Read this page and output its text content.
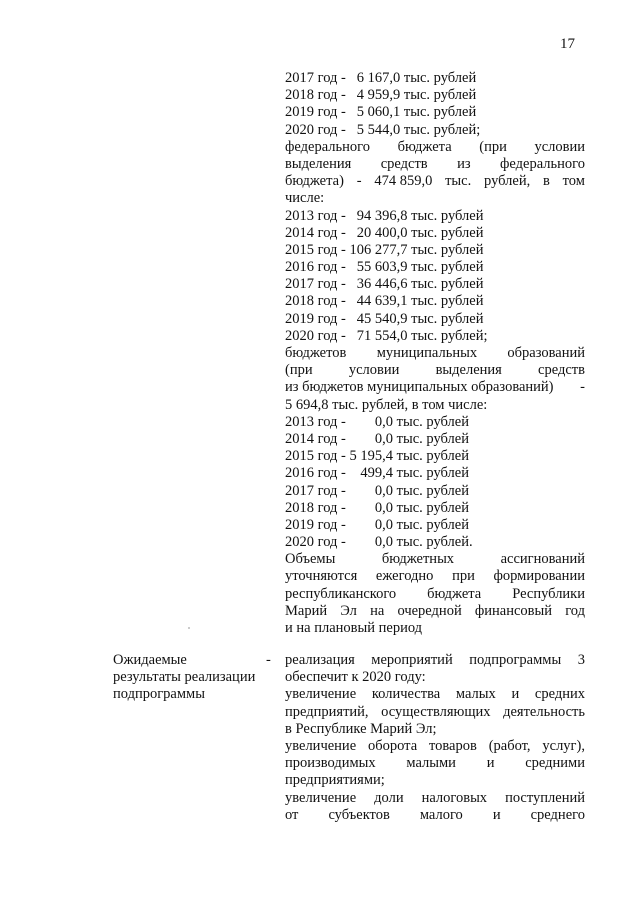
17
2017 год -   6 167,0 тыс. рублей
2018 год -   4 959,9 тыс. рублей
2019 год -   5 060,1 тыс. рублей
2020 год -   5 544,0 тыс. рублей;
федерального бюджета (при условии
выделения средств из федерального
бюджета) - 474 859,0 тыс. рублей, в том
числе:
2013 год -   94 396,8 тыс. рублей
2014 год -   20 400,0 тыс. рублей
2015 год - 106 277,7 тыс. рублей
2016 год -   55 603,9 тыс. рублей
2017 год -   36 446,6 тыс. рублей
2018 год -   44 639,1 тыс. рублей
2019 год -   45 540,9 тыс. рублей
2020 год -   71 554,0 тыс. рублей;
бюджетов муниципальных образований
(при условии выделения средств
из бюджетов муниципальных образований) -
5 694,8 тыс. рублей, в том числе:
2013 год -        0,0 тыс. рублей
2014 год -        0,0 тыс. рублей
2015 год - 5 195,4 тыс. рублей
2016 год -    499,4 тыс. рублей
2017 год -        0,0 тыс. рублей
2018 год -        0,0 тыс. рублей
2019 год -        0,0 тыс. рублей
2020 год -        0,0 тыс. рублей.
Объемы	бюджетных	ассигнований
уточняются ежегодно при формировании
республиканского бюджета Республики
Марий Эл на очередной финансовый год
и на плановый период
Ожидаемые
результаты реализации
подпрограммы
- реализация мероприятий подпрограммы 3
обеспечит к 2020 году:
увеличение количества малых и средних
предприятий, осуществляющих деятельность
в Республике Марий Эл;
увеличение оборота товаров (работ, услуг),
производимых малыми и средними
предприятиями;
увеличение доли налоговых поступлений
от субъектов малого и среднего
